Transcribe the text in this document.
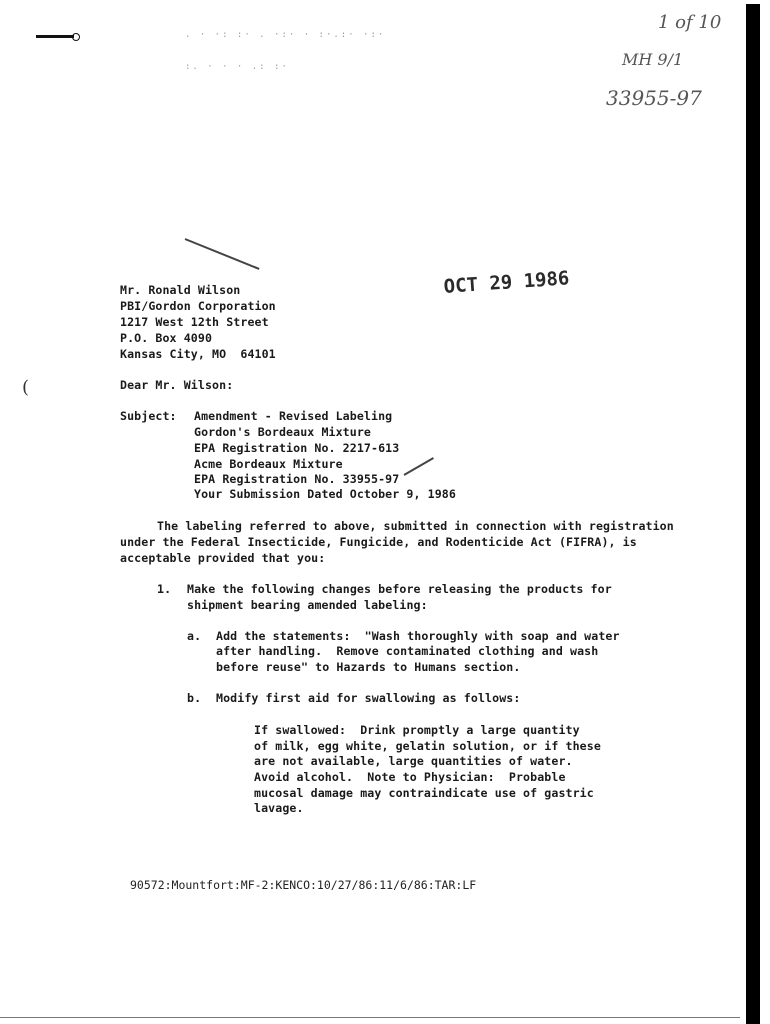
. · ·: :· . ·:· · :·.:· ·:·
:. · · · .: :·
(
1 of 10
MH 9/1
33955-97
OCT 29 1986
Mr. Ronald Wilson
PBI/Gordon Corporation
1217 West 12th Street
P.O. Box 4090
Kansas City, MO  64101
Dear Mr. Wilson:
Subject: Amendment - Revised Labeling
Gordon's Bordeaux Mixture
EPA Registration No. 2217-613
Acme Bordeaux Mixture
EPA Registration No. 33955-97
Your Submission Dated October 9, 1986
The labeling referred to above, submitted in connection with registration
under the Federal Insecticide, Fungicide, and Rodenticide Act (FIFRA), is
acceptable provided that you:
1. Make the following changes before releasing the products for
shipment bearing amended labeling:
a. Add the statements:  "Wash thoroughly with soap and water
after handling.  Remove contaminated clothing and wash
before reuse" to Hazards to Humans section.
b. Modify first aid for swallowing as follows:
If swallowed:  Drink promptly a large quantity
of milk, egg white, gelatin solution, or if these
are not available, large quantities of water.
Avoid alcohol.  Note to Physician:  Probable
mucosal damage may contraindicate use of gastric
lavage.
90572:Mountfort:MF-2:KENCO:10/27/86:11/6/86:TAR:LF
